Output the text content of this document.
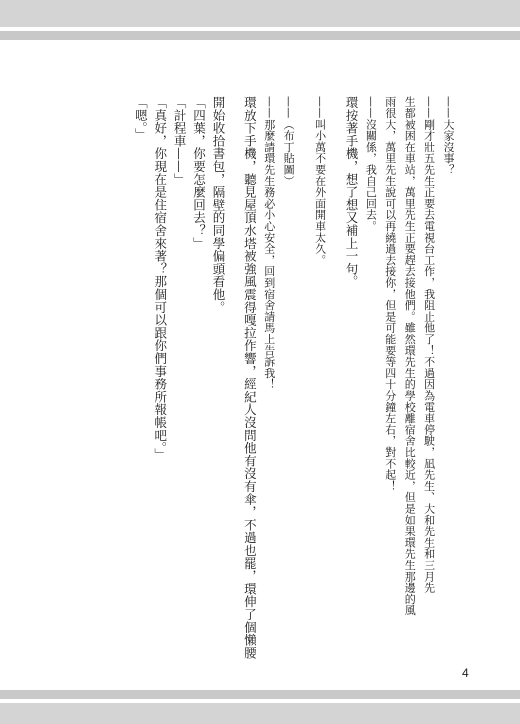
——大家沒事？
——剛才壯五先生正要去電視台工作，我阻止他了！不過因為電車停駛，凪先生、大和先生和三月先
生都被困在車站，萬里先生正要趕去接他們。雖然環先生的學校離宿舍比較近，但是如果環先生那邊的風
雨很大，萬里先生說可以再繞過去接你，但是可能要等四十分鐘左右，對不起！
——沒關係，我自己回去。
環按著手機，想了想又補上一句。
——叫小萬不要在外面開車太久。
——（布丁貼圖）
——那麼請環先生務必小心安全，回到宿舍請馬上告訴我！
環放下手機，聽見屋頂水塔被強風震得嘎拉作響，經紀人沒問他有沒有傘，不過也罷，環伸了個懶腰
開始收拾書包，隔壁的同學偏頭看他。
「四葉，你要怎麼回去？」
「計程車——」
「真好，你現在是住宿舍來著？那個可以跟你們事務所報帳吧。」
「嗯。」
4
